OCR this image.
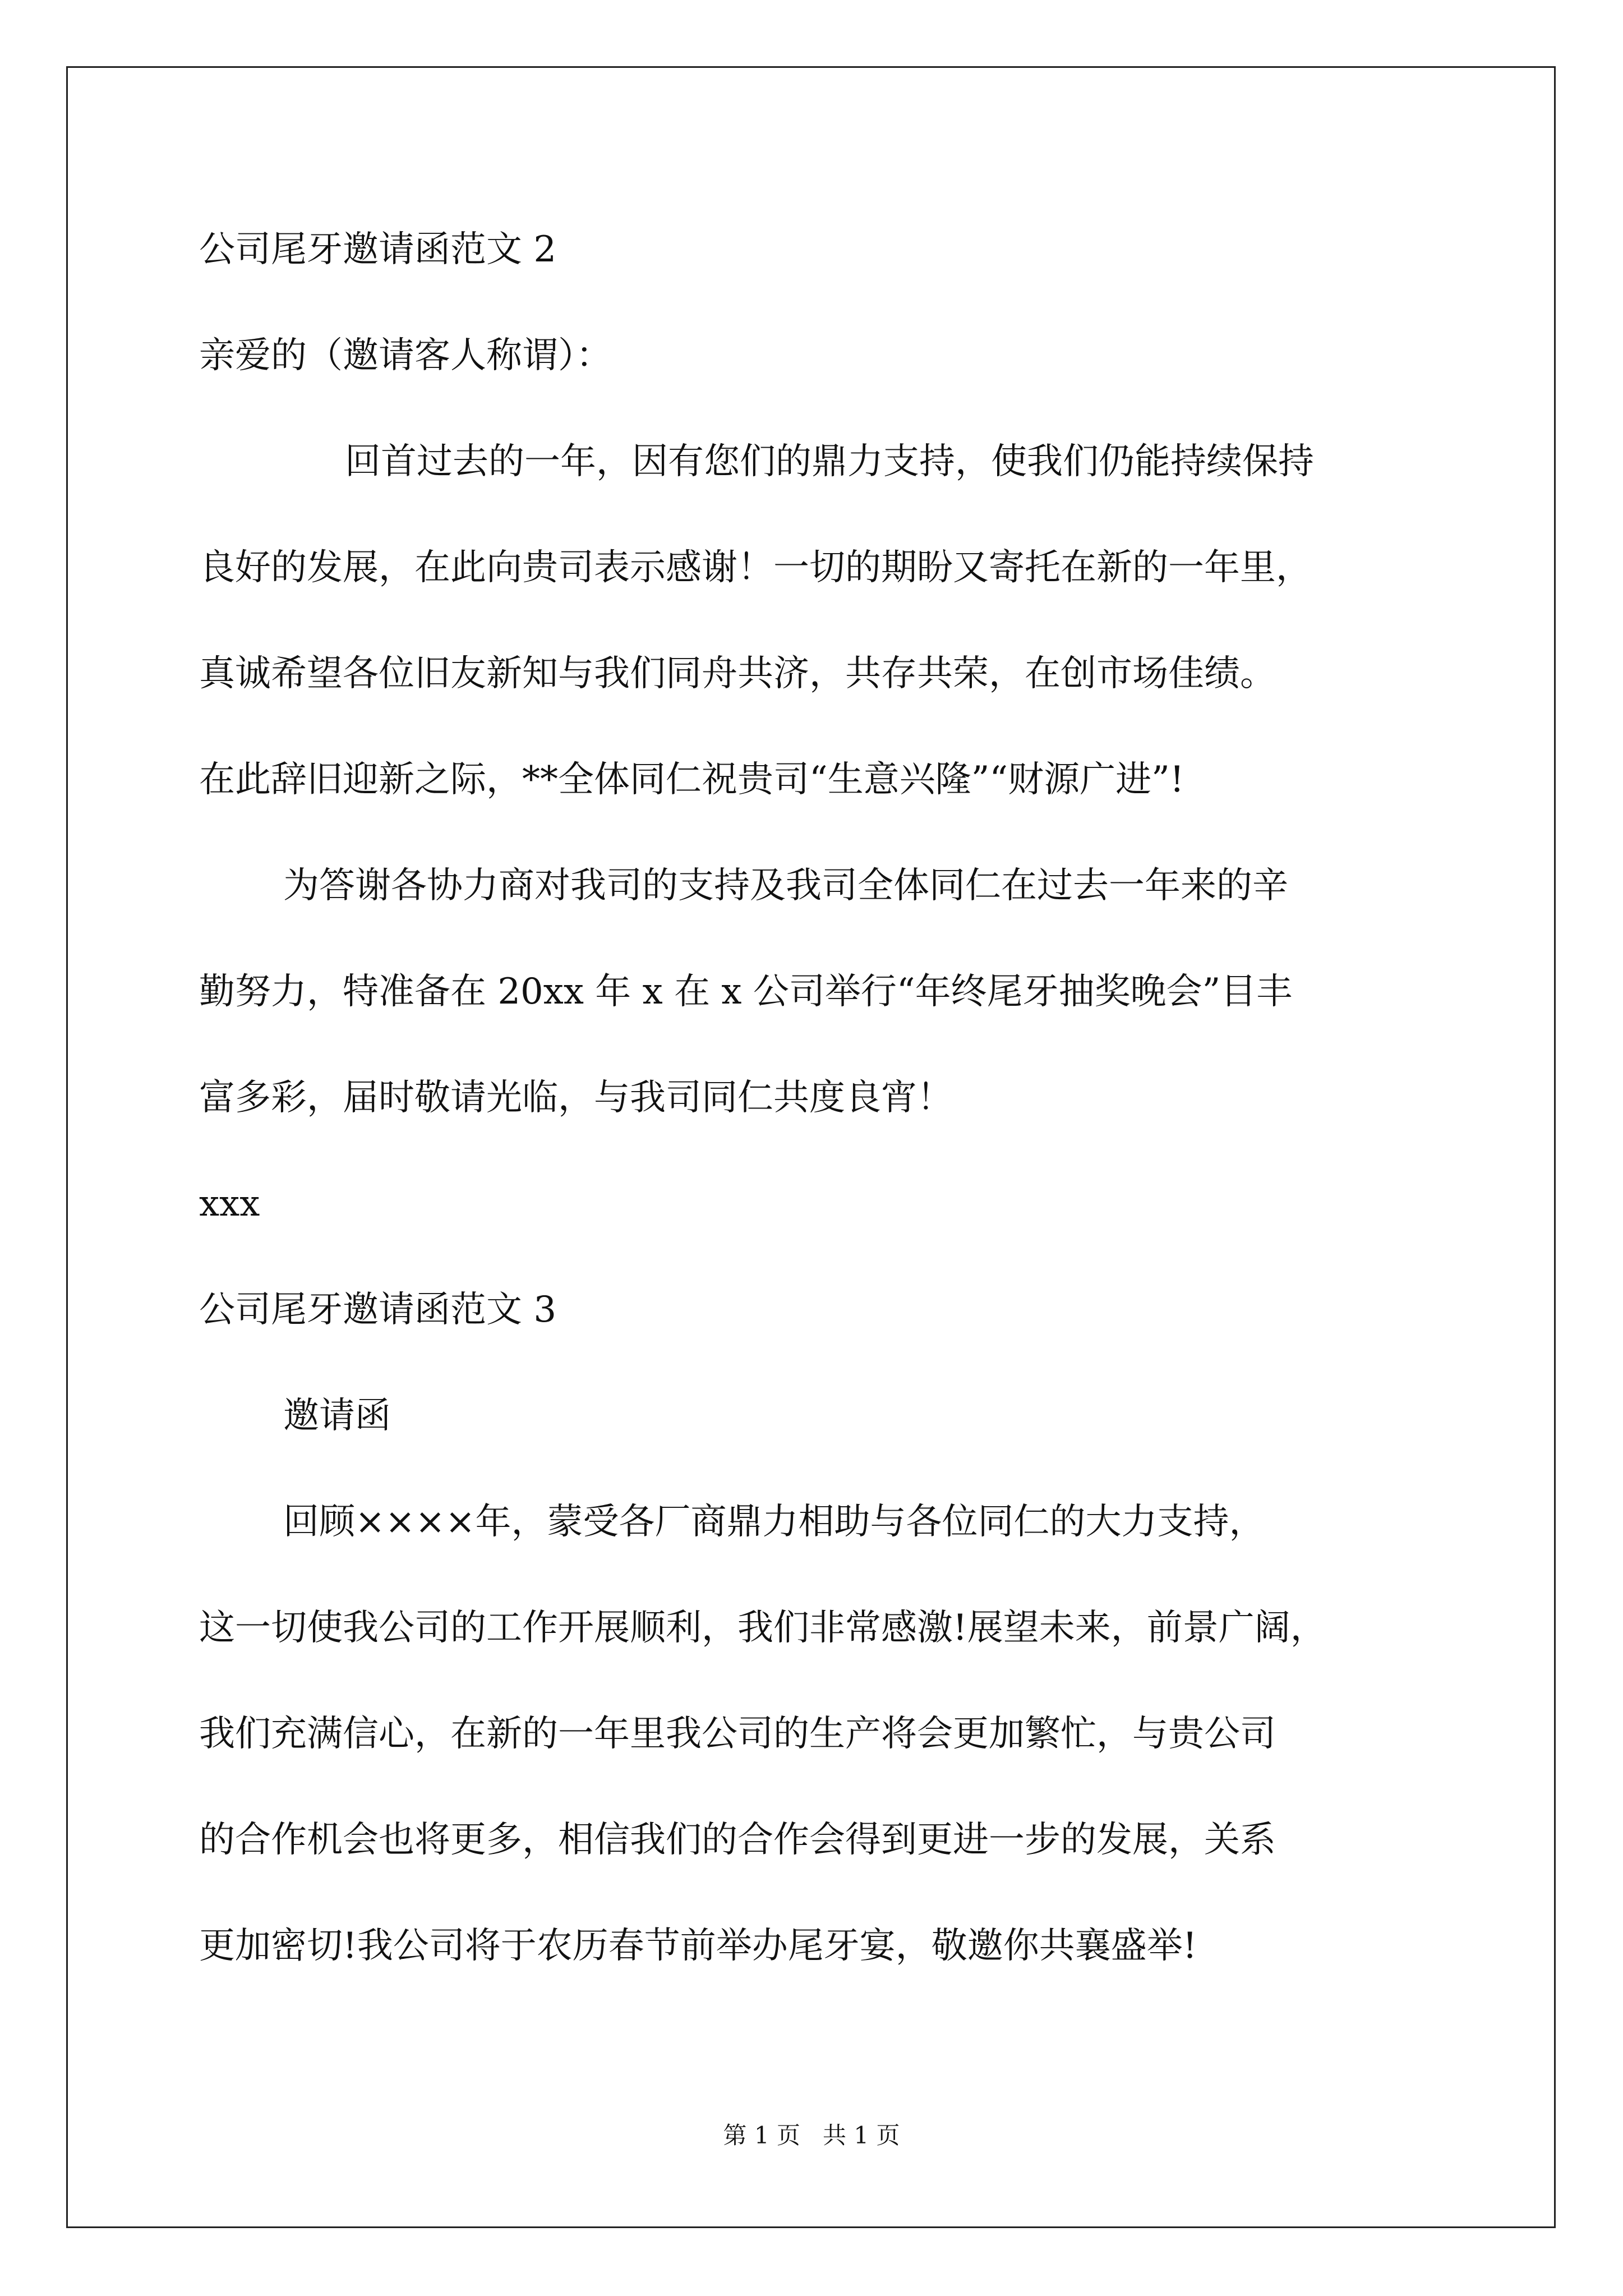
公司尾牙邀请函范文 2

亲爱的（邀请客人称谓）：

回首过去的一年，因有您们的鼎力支持，使我们仍能持续保持

良好的发展，在此向贵司表示感谢！一切的期盼又寄托在新的一年里，

真诚希望各位旧友新知与我们同舟共济，共存共荣，在创市场佳绩。

在此辞旧迎新之际，**全体同仁祝贵司“生意兴隆”“财源广进”!

为答谢各协力商对我司的支持及我司全体同仁在过去一年来的辛

勤努力，特准备在 20xx 年 x 在 x 公司举行“年终尾牙抽奖晚会”目丰

富多彩，届时敬请光临，与我司同仁共度良宵！

xxx

公司尾牙邀请函范文 3

邀请函

回顾××××年，蒙受各厂商鼎力相助与各位同仁的大力支持，

这一切使我公司的工作开展顺利，我们非常感激!展望未来，前景广阔，

我们充满信心，在新的一年里我公司的生产将会更加繁忙，与贵公司

的合作机会也将更多，相信我们的合作会得到更进一步的发展，关系

更加密切!我公司将于农历春节前举办尾牙宴，敬邀你共襄盛举!

第 1 页   共 1 页
